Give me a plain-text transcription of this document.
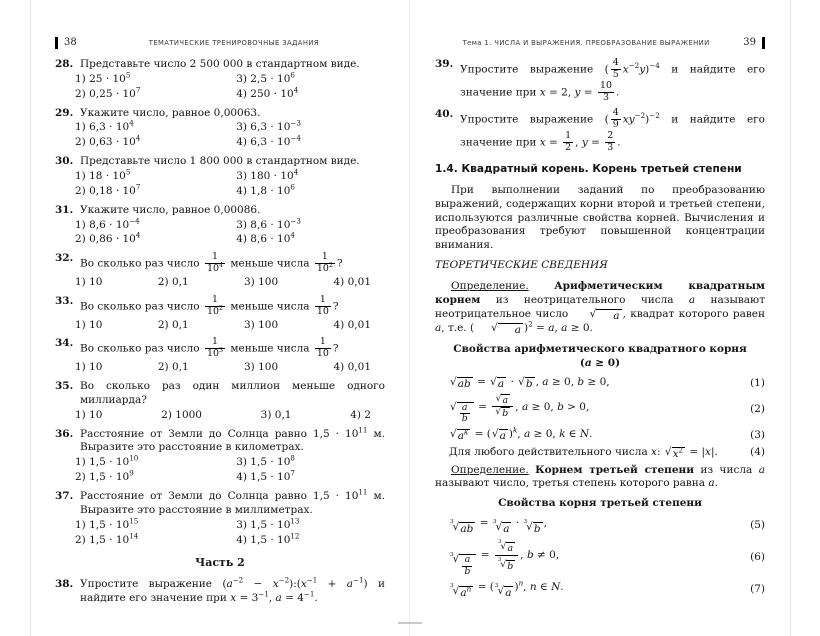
38	ТЕМАТИЧЕСКИЕ ТРЕНИРОВОЧНЫЕ ЗАДАНИЯ
28. Представьте число 2 500 000 в стандартном виде.
1) $25 \cdot 10^5$	3) $2,5 \cdot 10^6$
2) $0,25 \cdot 10^7$	4) $250 \cdot 10^4$
29. Укажите число, равное 0,00063.
1) $6,3 \cdot 10^4$	3) $6,3 \cdot 10^{-3}$
2) $0,63 \cdot 10^4$	4) $6,3 \cdot 10^{-4}$
30. Представьте число 1 800 000 в стандартном виде.
1) $18 \cdot 10^5$	3) $180 \cdot 10^4$
2) $0,18 \cdot 10^7$	4) $1,8 \cdot 10^6$
31. Укажите число, равное 0,00086.
1) $8,6 \cdot 10^{-4}$	3) $8,6 \cdot 10^{-3}$
2) $0,86 \cdot 10^4$	4) $8,6 \cdot 10^4$
32. Во сколько раз число $\frac{1}{10^4}$ меньше числа $\frac{1}{10^2}$ ?
1) 10	2) 0,1	3) 100	4) 0,01
33. Во сколько раз число $\frac{1}{10^2}$ меньше числа $\frac{1}{10}$ ?
1) 10	2) 0,1	3) 100	4) 0,01
34. Во сколько раз число $\frac{1}{10^3}$ меньше числа $\frac{1}{10}$ ?
1) 10	2) 0,1	3) 100	4) 0,01
35. Во сколько раз один миллион меньше одного миллиарда?
1) 10	2) 1000	3) 0,1	4) 2
36. Расстояние от Земли до Солнца равно $1,5 \cdot 10^{11}$ м. Выразите это расстояние в километрах.
1) $1,5 \cdot 10^{10}$	3) $1,5 \cdot 10^8$
2) $1,5 \cdot 10^9$	4) $1,5 \cdot 10^7$
37. Расстояние от Земли до Солнца равно $1,5 \cdot 10^{11}$ м. Выразите это расстояние в миллиметрах.
1) $1,5 \cdot 10^{15}$	3) $1,5 \cdot 10^{13}$
2) $1,5 \cdot 10^{14}$	4) $1,5 \cdot 10^{12}$
Часть 2
38. Упростите выражение ($a^{-2}$ − $x^{-2}):(x^{-1} + a^{-1})$ и найдите его значение при $x = 3^{-1}$, $a = 4^{-1}$.
Тема 1. ЧИСЛА И ВЫРАЖЕНИЯ. ПРЕОБРАЗОВАНИЕ ВЫРАЖЕНИЙ	39
39. Упростите выражение ( $\frac{4}{5} x^{-2}y)^{-4}$ и найдите его значение при x = 2, $y = \frac{10}{3}$ .
40. Упростите выражение ( $\frac{4}{9} xy^{-2})^{-2}$ и найдите его значение при $x = \frac{1}{2}$ , $y = \frac{2}{3}$ .
1.4. Квадратный корень. Корень третьей степени

При выполнении заданий по преобразованию выражений, содержащих корни второй и третьей степени, используются различные свойства корней. Вычисления и преобразования требуют повышенной концентрации внимания.

ТЕОРЕТИЧЕСКИЕ СВЕДЕНИЯ

Определение. Арифметическим квадратным корнем из неотрицательного числа a называют неотрицательное число	√	a , квадрат которого равен a, т.е. (	√	a )$^2$ = a, a ≥ 0.

Свойства арифметического квадратного корня
(a ≥ 0)
√ ab = √ a · √ b , a ≥ 0, b ≥ 0,	(1)
√ $\frac{a}{b} = \frac{√ a}{√ b}$ , a ≥ 0, b > 0,	(2)
√ $a^k$ = ( √ a )$^k$, a ≥ 0, k ∈ N.	(3)
Для любого действительного числа x: √ $x^2 = |x|$.	(4)

Определение. Корнем третьей степени из числа a называют число, третья степень которого равна a.

Свойства корня третьей степени
3 √ ab = 3 √ a · 3 √ b ,	(5)
3 √ $\frac{a}{b} = \frac{3 √ a}{3 √ b}$ , b ≠ 0,	(6)
3 √ $a^n$ = ( 3 √ a )$^n$, n ∈ N.	(7)
